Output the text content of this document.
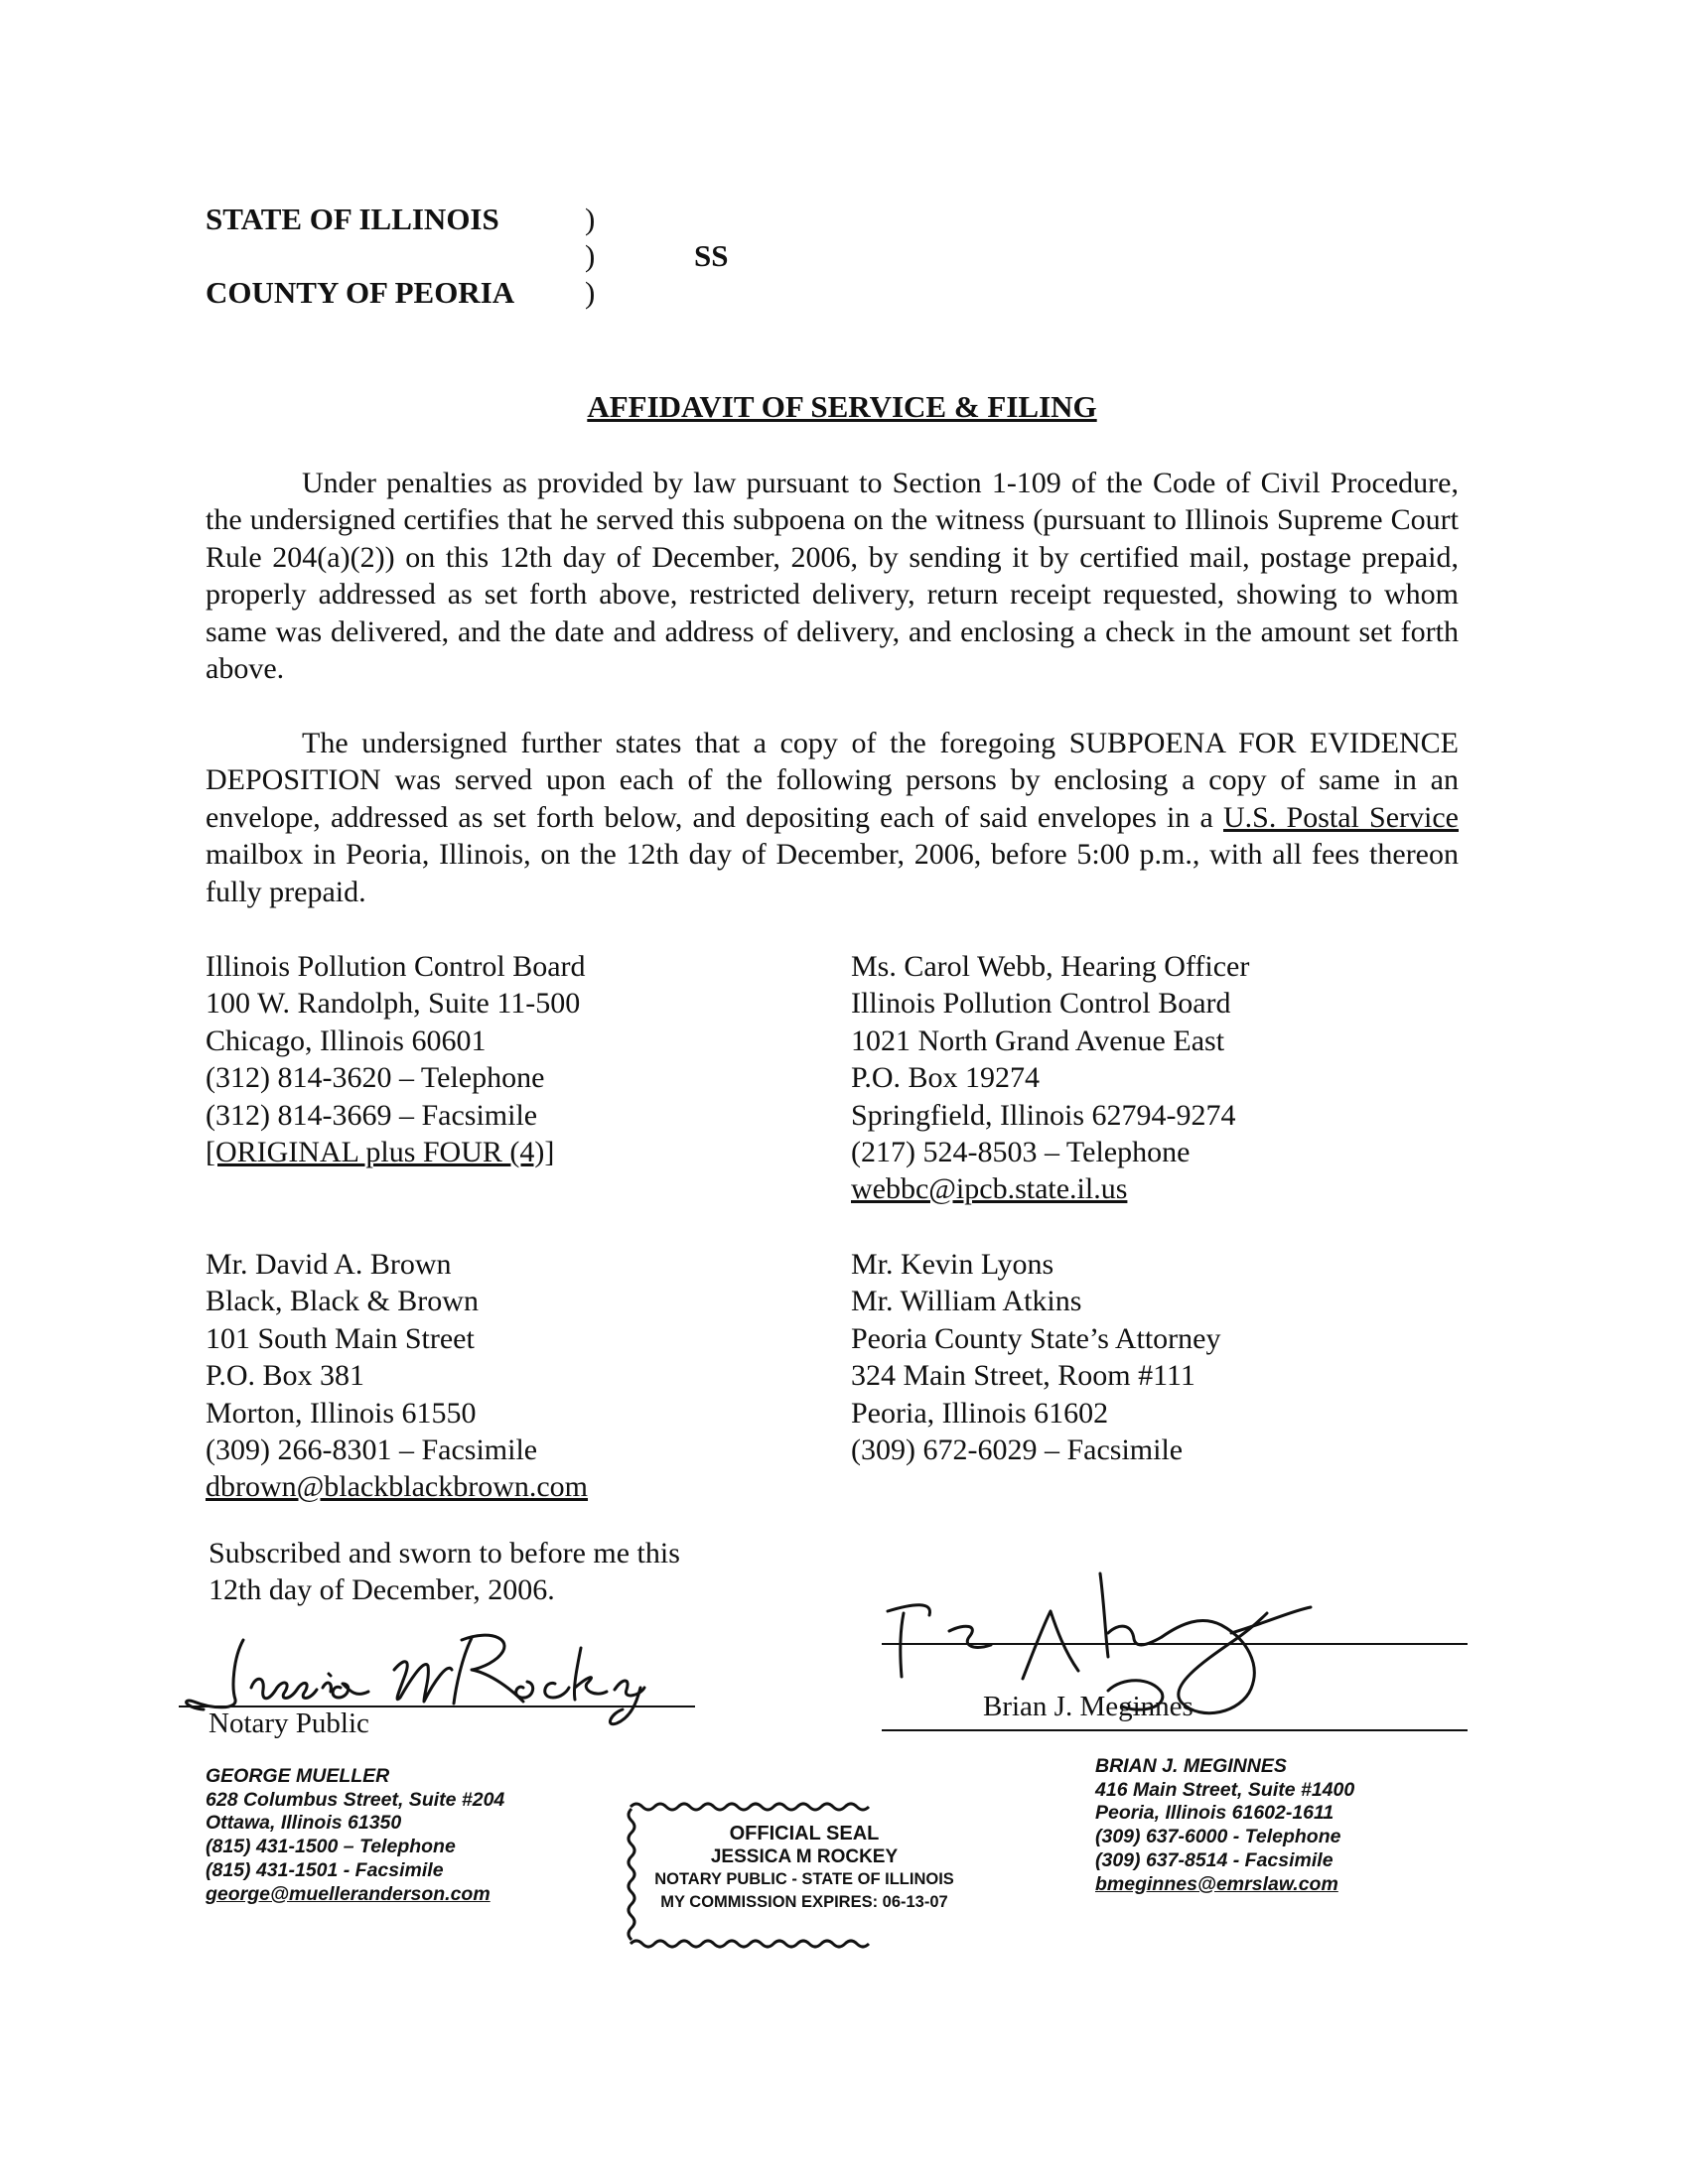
STATE OF ILLINOIS	)
)	SS
COUNTY OF PEORIA	)
AFFIDAVIT OF SERVICE & FILING

Under penalties as provided by law pursuant to Section 1-109 of the Code of Civil Procedure, the undersigned certifies that he served this subpoena on the witness (pursuant to Illinois Supreme Court Rule 204(a)(2)) on this 12th day of December, 2006, by sending it by certified mail, postage prepaid, properly addressed as set forth above, restricted delivery, return receipt requested, showing to whom same was delivered, and the date and address of delivery, and enclosing a check in the amount set forth above.

The undersigned further states that a copy of the foregoing SUBPOENA FOR EVIDENCE DEPOSITION was served upon each of the following persons by enclosing a copy of same in an envelope, addressed as set forth below, and depositing each of said envelopes in a U.S. Postal Service mailbox in Peoria, Illinois, on the 12th day of December, 2006, before 5:00 p.m., with all fees thereon fully prepaid.

Illinois Pollution Control Board
100 W. Randolph, Suite 11-500
Chicago, Illinois 60601
(312) 814-3620 – Telephone
(312) 814-3669 – Facsimile
[ORIGINAL plus FOUR (4)]
Ms. Carol Webb, Hearing Officer
Illinois Pollution Control Board
1021 North Grand Avenue East
P.O. Box 19274
Springfield, Illinois 62794-9274
(217) 524-8503 – Telephone
webbc@ipcb.state.il.us
Mr. David A. Brown
Black, Black & Brown
101 South Main Street
P.O. Box 381
Morton, Illinois 61550
(309) 266-8301 – Facsimile
dbrown@blackblackbrown.com
Mr. Kevin Lyons
Mr. William Atkins
Peoria County State’s Attorney
324 Main Street, Room #111
Peoria, Illinois 61602
(309) 672-6029 – Facsimile
Subscribed and sworn to before me this
12th day of December, 2006.
Notary Public
Brian J. Meginnes
GEORGE MUELLER
628 Columbus Street, Suite #204
Ottawa, Illinois 61350
(815) 431-1500 – Telephone
(815) 431-1501 - Facsimile
george@muelleranderson.com
BRIAN J. MEGINNES
416 Main Street, Suite #1400
Peoria, Illinois 61602-1611
(309) 637-6000 - Telephone
(309) 637-8514 - Facsimile
bmeginnes@emrslaw.com
OFFICIAL SEAL
JESSICA M ROCKEY
NOTARY PUBLIC - STATE OF ILLINOIS
MY COMMISSION EXPIRES: 06-13-07
